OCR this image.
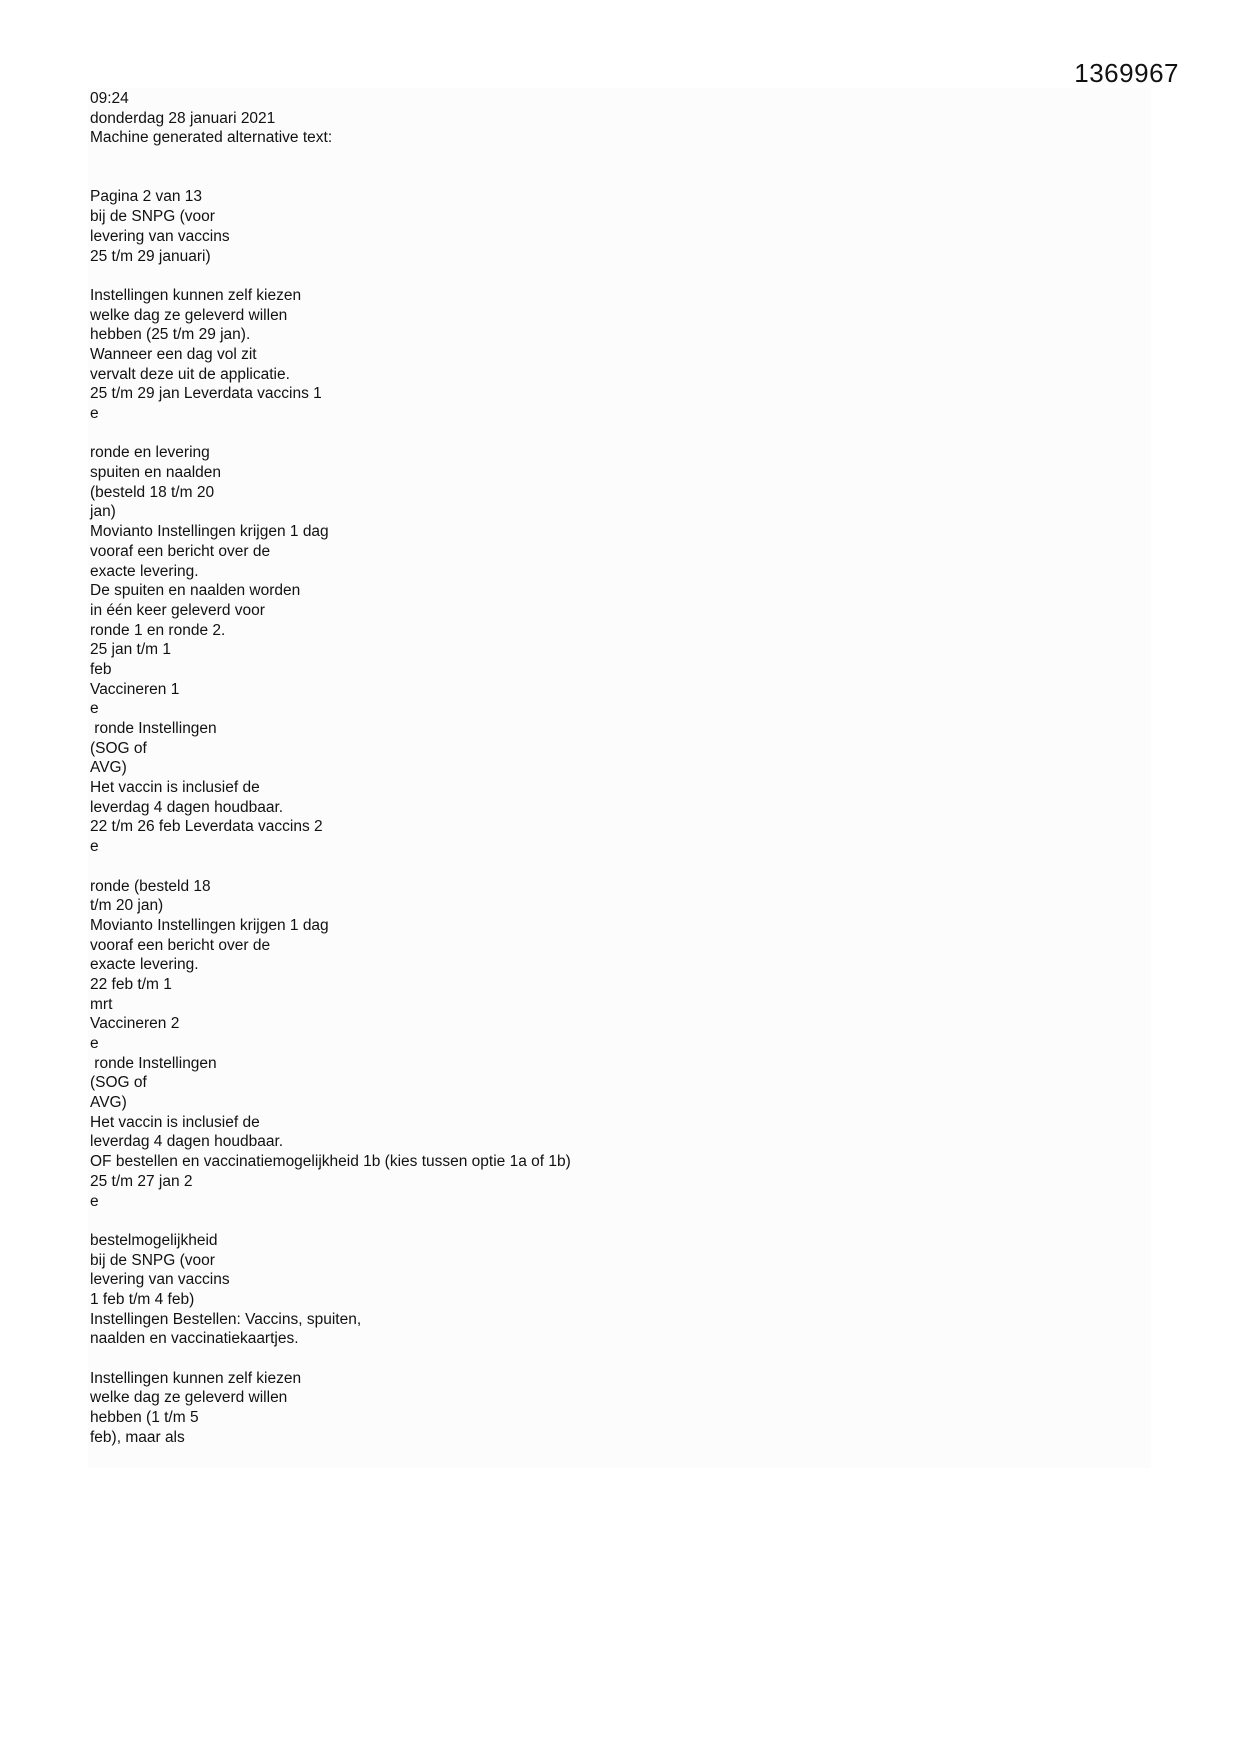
1369967
09:24
donderdag 28 januari 2021
Machine generated alternative text:
Pagina 2 van 13
bij de SNPG (voor
levering van vaccins
25 t/m 29 januari)
Instellingen kunnen zelf kiezen
welke dag ze geleverd willen
hebben (25 t/m 29 jan).
Wanneer een dag vol zit
vervalt deze uit de applicatie.
25 t/m 29 jan Leverdata vaccins 1
e
ronde en levering
spuiten en naalden
(besteld 18 t/m 20
jan)
Movianto Instellingen krijgen 1 dag
vooraf een bericht over de
exacte levering.
De spuiten en naalden worden
in één keer geleverd voor
ronde 1 en ronde 2.
25 jan t/m 1
feb
Vaccineren 1
e
ronde Instellingen
(SOG of
AVG)
Het vaccin is inclusief de
leverdag 4 dagen houdbaar.
22 t/m 26 feb Leverdata vaccins 2
e
ronde (besteld 18
t/m 20 jan)
Movianto Instellingen krijgen 1 dag
vooraf een bericht over de
exacte levering.
22 feb t/m 1
mrt
Vaccineren 2
e
ronde Instellingen
(SOG of
AVG)
Het vaccin is inclusief de
leverdag 4 dagen houdbaar.
OF bestellen en vaccinatiemogelijkheid 1b (kies tussen optie 1a of 1b)
25 t/m 27 jan 2
e
bestelmogelijkheid
bij de SNPG (voor
levering van vaccins
1 feb t/m 4 feb)
Instellingen Bestellen: Vaccins, spuiten,
naalden en vaccinatiekaartjes.
Instellingen kunnen zelf kiezen
welke dag ze geleverd willen
hebben (1 t/m 5
feb), maar als
